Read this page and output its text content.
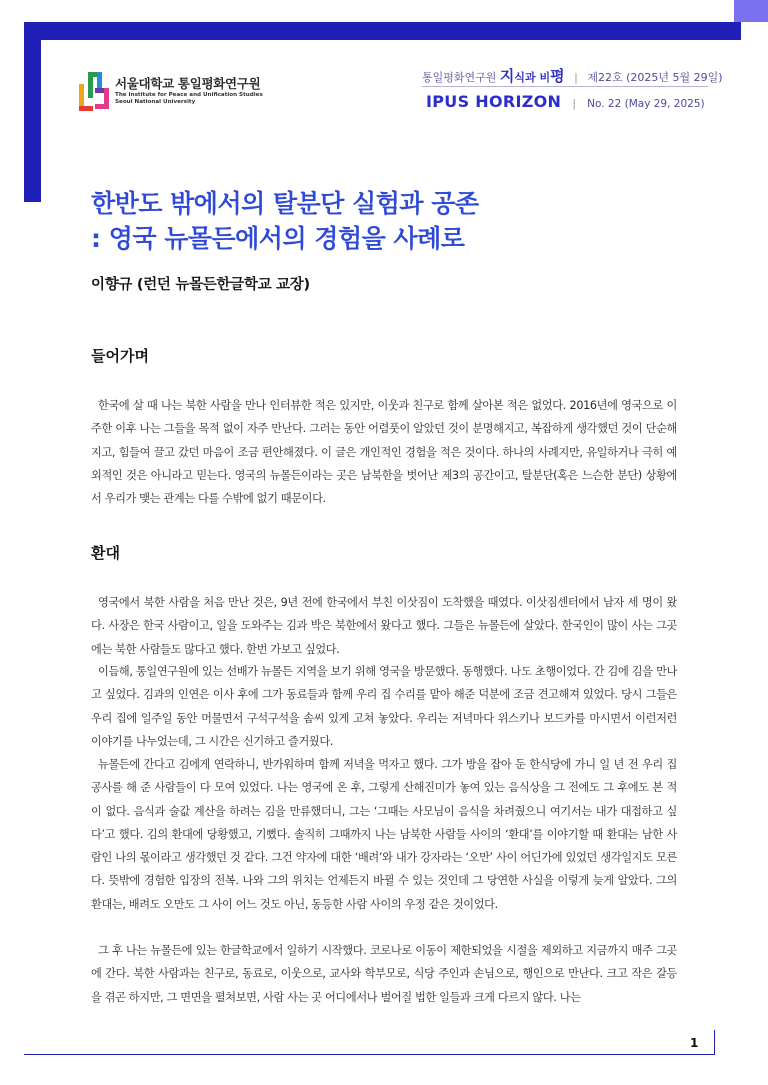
서울대학교 통일평화연구원
The Institute for Peace and Unification Studies
Seoul National University
통일평화연구원 지식과 비평 | 제22호 (2025년 5월 29일)
IPUS HORIZON | No. 22 (May 29, 2025)
한반도 밖에서의 탈분단 실험과 공존
: 영국 뉴몰든에서의 경험을 사례로
이향규 (런던 뉴몰든한글학교 교장)
들어가며

한국에 살 때 나는 북한 사람을 만나 인터뷰한 적은 있지만, 이웃과 친구로 함께 살아본 적은 없었다. 2016년에 영국으로 이주한 이후 나는 그들을 목적 없이 자주 만난다. 그러는 동안 어렴풋이 알았던 것이 분명해지고, 복잡하게 생각했던 것이 단순해지고, 힘들여 끌고 갔던 마음이 조금 편안해졌다. 이 글은 개인적인 경험을 적은 것이다. 하나의 사례지만, 유일하거나 극히 예외적인 것은 아니라고 믿는다. 영국의 뉴몰든이라는 곳은 남북한을 벗어난 제3의 공간이고, 탈분단(혹은 느슨한 분단) 상황에서 우리가 맺는 관계는 다를 수밖에 없기 때문이다.

환대

영국에서 북한 사람을 처음 만난 것은, 9년 전에 한국에서 부친 이삿짐이 도착했을 때였다. 이삿짐센터에서 남자 세 명이 왔다. 사장은 한국 사람이고, 일을 도와주는 김과 박은 북한에서 왔다고 했다. 그들은 뉴몰든에 살았다. 한국인이 많이 사는 그곳에는 북한 사람들도 많다고 했다. 한번 가보고 싶었다.

이듬해, 통일연구원에 있는 선배가 뉴몰든 지역을 보기 위해 영국을 방문했다. 동행했다. 나도 초행이었다. 간 김에 김을 만나고 싶었다. 김과의 인연은 이사 후에 그가 동료들과 함께 우리 집 수리를 맡아 해준 덕분에 조금 견고해져 있었다. 당시 그들은 우리 집에 일주일 동안 머물면서 구석구석을 솜씨 있게 고쳐 놓았다. 우리는 저녁마다 위스키나 보드카를 마시면서 이런저런 이야기를 나누었는데, 그 시간은 신기하고 즐거웠다.

뉴몰든에 간다고 김에게 연락하니, 반가워하며 함께 저녁을 먹자고 했다. 그가 방을 잡아 둔 한식당에 가니 일 년 전 우리 집 공사를 해 준 사람들이 다 모여 있었다. 나는 영국에 온 후, 그렇게 산해진미가 놓여 있는 음식상을 그 전에도 그 후에도 본 적이 없다. 음식과 술값 계산을 하려는 김을 만류했더니, 그는 ‘그때는 사모님이 음식을 차려줬으니 여기서는 내가 대접하고 싶다’고 했다. 김의 환대에 당황했고, 기뻤다. 솔직히 그때까지 나는 남북한 사람들 사이의 ‘환대’를 이야기할 때 환대는 남한 사람인 나의 몫이라고 생각했던 것 같다. 그건 약자에 대한 ‘배려’와 내가 강자라는 ‘오만’ 사이 어딘가에 있었던 생각일지도 모른다. 뜻밖에 경험한 입장의 전복. 나와 그의 위치는 언제든지 바뀔 수 있는 것인데 그 당연한 사실을 이렇게 늦게 알았다. 그의 환대는, 배려도 오만도 그 사이 어느 것도 아닌, 동등한 사람 사이의 우정 같은 것이었다.

그 후 나는 뉴몰든에 있는 한글학교에서 일하기 시작했다. 코로나로 이동이 제한되었을 시절을 제외하고 지금까지 매주 그곳에 간다. 북한 사람과는 친구로, 동료로, 이웃으로, 교사와 학부모로, 식당 주인과 손님으로, 행인으로 만난다. 크고 작은 갈등을 겪곤 하지만, 그 면면을 펼쳐보면, 사람 사는 곳 어디에서나 벌어질 법한 일들과 크게 다르지 않다. 나는

1
